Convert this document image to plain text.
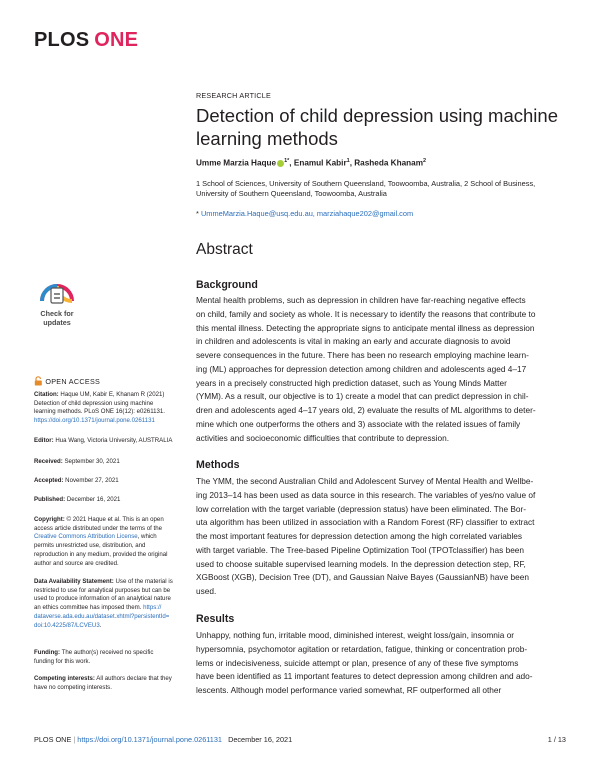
PLOS ONE
RESEARCH ARTICLE
Detection of child depression using machine learning methods
Umme Marzia Haque $^{1*}$, Enamul Kabir$^1$, Rasheda Khanam$^2$
1 School of Sciences, University of Southern Queensland, Toowoomba, Australia, 2 School of Business,
University of Southern Queensland, Toowoomba, Australia
* UmmeMarzia.Haque@usq.edu.au, marziahaque202@gmail.com
Abstract
Background
Mental health problems, such as depression in children have far-reaching negative effects
on child, family and society as whole. It is necessary to identify the reasons that contribute to
this mental illness. Detecting the appropriate signs to anticipate mental illness as depression
in children and adolescents is vital in making an early and accurate diagnosis to avoid
severe consequences in the future. There has been no research employing machine learn-
ing (ML) approaches for depression detection among children and adolescents aged 4–17
years in a precisely constructed high prediction dataset, such as Young Minds Matter
(YMM). As a result, our objective is to 1) create a model that can predict depression in chil-
dren and adolescents aged 4–17 years old, 2) evaluate the results of ML algorithms to deter-
mine which one outperforms the others and 3) associate with the related issues of family
activities and socioeconomic difficulties that contribute to depression.
Methods
The YMM, the second Australian Child and Adolescent Survey of Mental Health and Wellbe-
ing 2013–14 has been used as data source in this research. The variables of yes/no value of
low correlation with the target variable (depression status) have been eliminated. The Bor-
uta algorithm has been utilized in association with a Random Forest (RF) classifier to extract
the most important features for depression detection among the high correlated variables
with target variable. The Tree-based Pipeline Optimization Tool (TPOTclassifier) has been
used to choose suitable supervised learning models. In the depression detection step, RF,
XGBoost (XGB), Decision Tree (DT), and Gaussian Naive Bayes (GaussianNB) have been
used.
Results
Unhappy, nothing fun, irritable mood, diminished interest, weight loss/gain, insomnia or
hypersomnia, psychomotor agitation or retardation, fatigue, thinking or concentration prob-
lems or indecisiveness, suicide attempt or plan, presence of any of these five symptoms
have been identified as 11 important features to detect depression among children and ado-
lescents. Although model performance varied somewhat, RF outperformed all other
Check for
updates
OPEN ACCESS
Citation: Haque UM, Kabir E, Khanam R (2021)
Detection of child depression using machine
learning methods. PLoS ONE 16(12): e0261131.
https://doi.org/10.1371/journal.pone.0261131
Editor: Hua Wang, Victoria University, AUSTRALIA
Received: September 30, 2021
Accepted: November 27, 2021
Published: December 16, 2021
Copyright: © 2021 Haque et al. This is an open
access article distributed under the terms of the
Creative Commons Attribution License, which
permits unrestricted use, distribution, and
reproduction in any medium, provided the original
author and source are credited.
Data Availability Statement: Use of the material is
restricted to use for analytical purposes but can be
used to produce information of an analytical nature
an ethics committee has imposed them. https://
dataverse.ada.edu.au/dataset.xhtml?persistentId=
doi:10.4225/87/LCVEU3.
Funding: The author(s) received no specific
funding for this work.
Competing interests: All authors declare that they
have no competing interests.
PLOS ONE | https://doi.org/10.1371/journal.pone.0261131 December 16, 2021	1 / 13
